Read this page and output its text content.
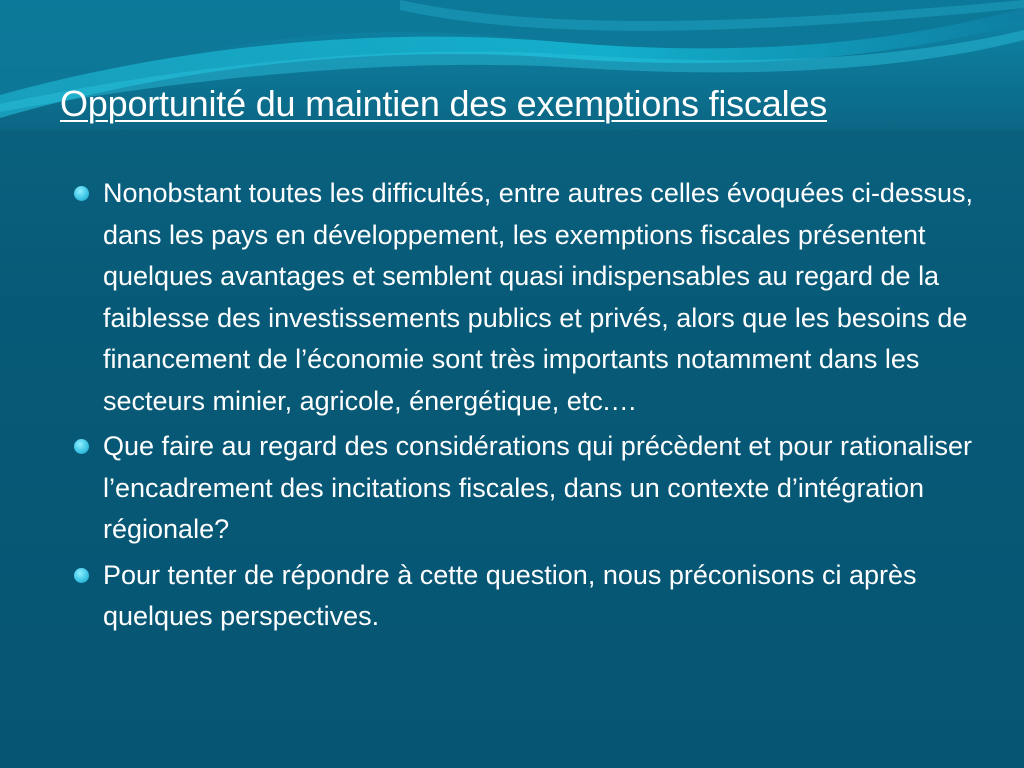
Opportunité du maintien des exemptions fiscales
Nonobstant toutes les difficultés, entre autres celles évoquées ci-dessus, dans les pays en développement, les exemptions fiscales présentent quelques avantages et semblent quasi indispensables au regard de la faiblesse des investissements publics et privés, alors que les besoins de financement de l’économie sont très importants notamment dans les secteurs minier, agricole, énergétique, etc.…
Que faire au regard des considérations qui précèdent et pour rationaliser l’encadrement des incitations fiscales, dans un contexte d’intégration régionale?
Pour tenter de répondre à cette question, nous préconisons ci après quelques perspectives.
